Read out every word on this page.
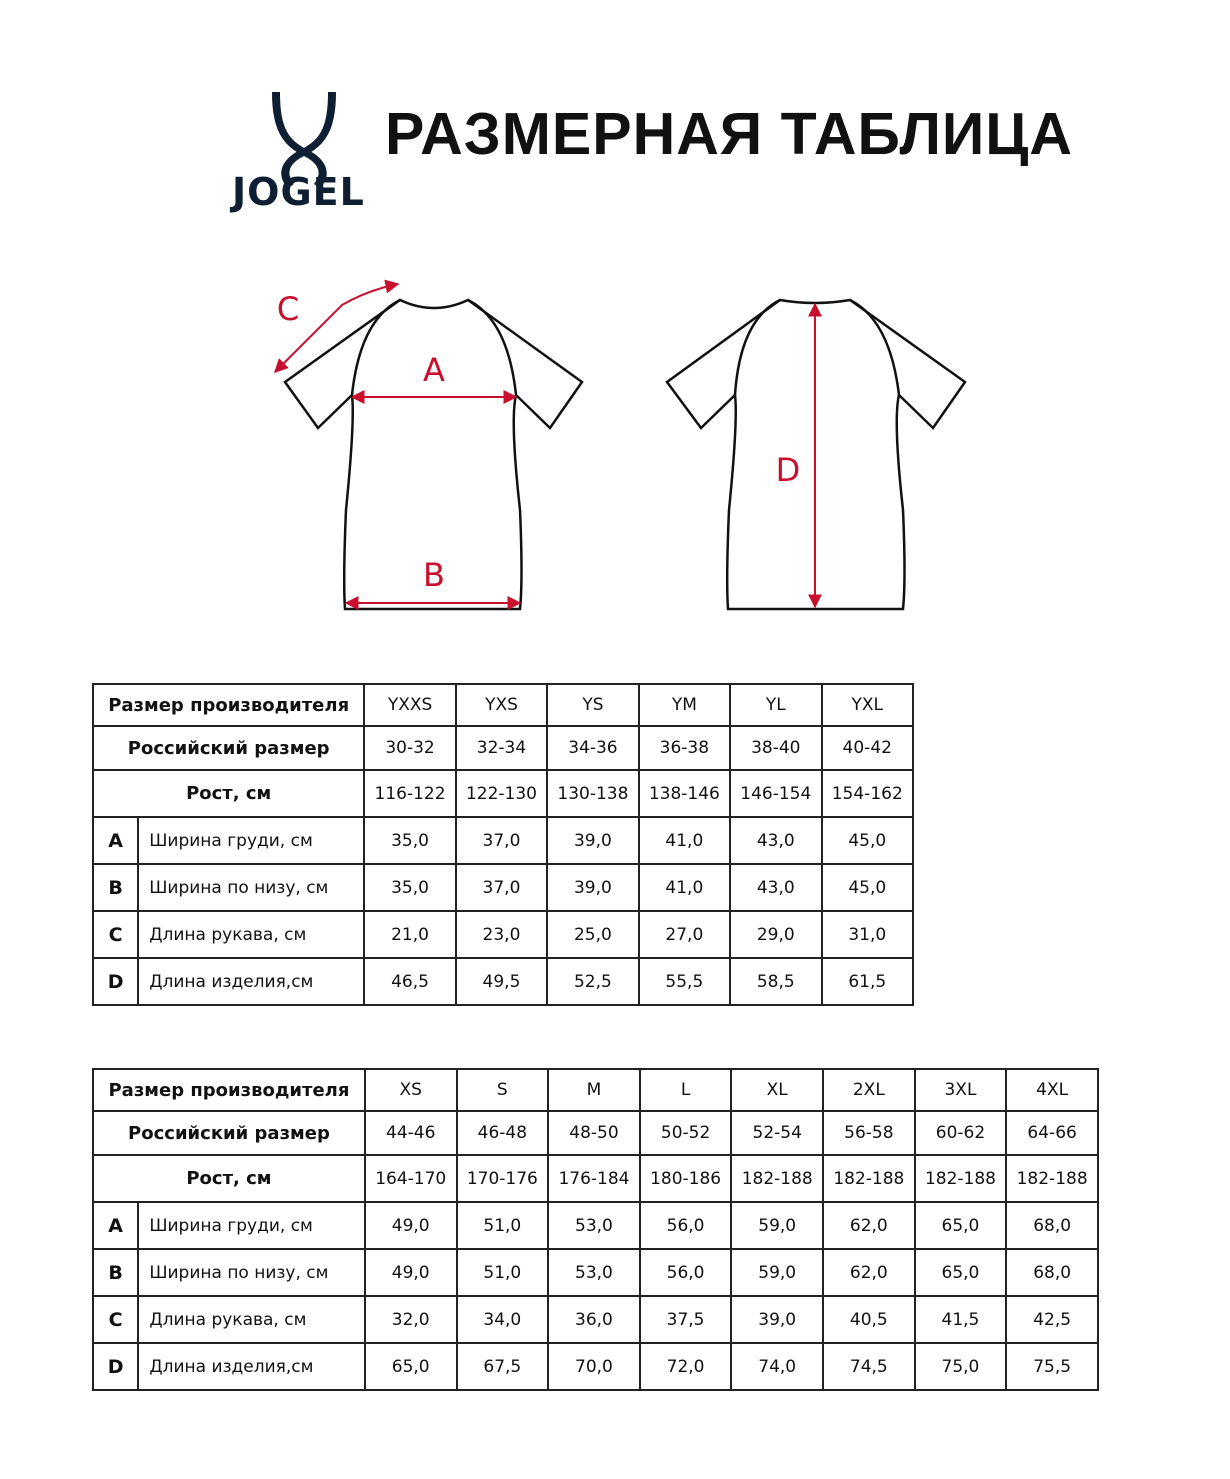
JOGEL
РАЗМЕРНАЯ ТАБЛИЦА
A
B
C
D
Размер производителя		YXXS	YXS	YS	YM	YL	YXL
Российский размер		30-32	32-34	34-36	36-38	38-40	40-42
Рост, см		116-122	122-130	130-138	138-146	146-154	154-162
A	Ширина груди, см	35,0	37,0	39,0	41,0	43,0	45,0
B	Ширина по низу, см	35,0	37,0	39,0	41,0	43,0	45,0
C	Длина рукава, см	21,0	23,0	25,0	27,0	29,0	31,0
D	Длина изделия,см	46,5	49,5	52,5	55,5	58,5	61,5
Размер производителя		XS	S	M	L	XL	2XL	3XL	4XL
Российский размер		44-46	46-48	48-50	50-52	52-54	56-58	60-62	64-66
Рост, см		164-170	170-176	176-184	180-186	182-188	182-188	182-188	182-188
A	Ширина груди, см	49,0	51,0	53,0	56,0	59,0	62,0	65,0	68,0
B	Ширина по низу, см	49,0	51,0	53,0	56,0	59,0	62,0	65,0	68,0
C	Длина рукава, см	32,0	34,0	36,0	37,5	39,0	40,5	41,5	42,5
D	Длина изделия,см	65,0	67,5	70,0	72,0	74,0	74,5	75,0	75,5
